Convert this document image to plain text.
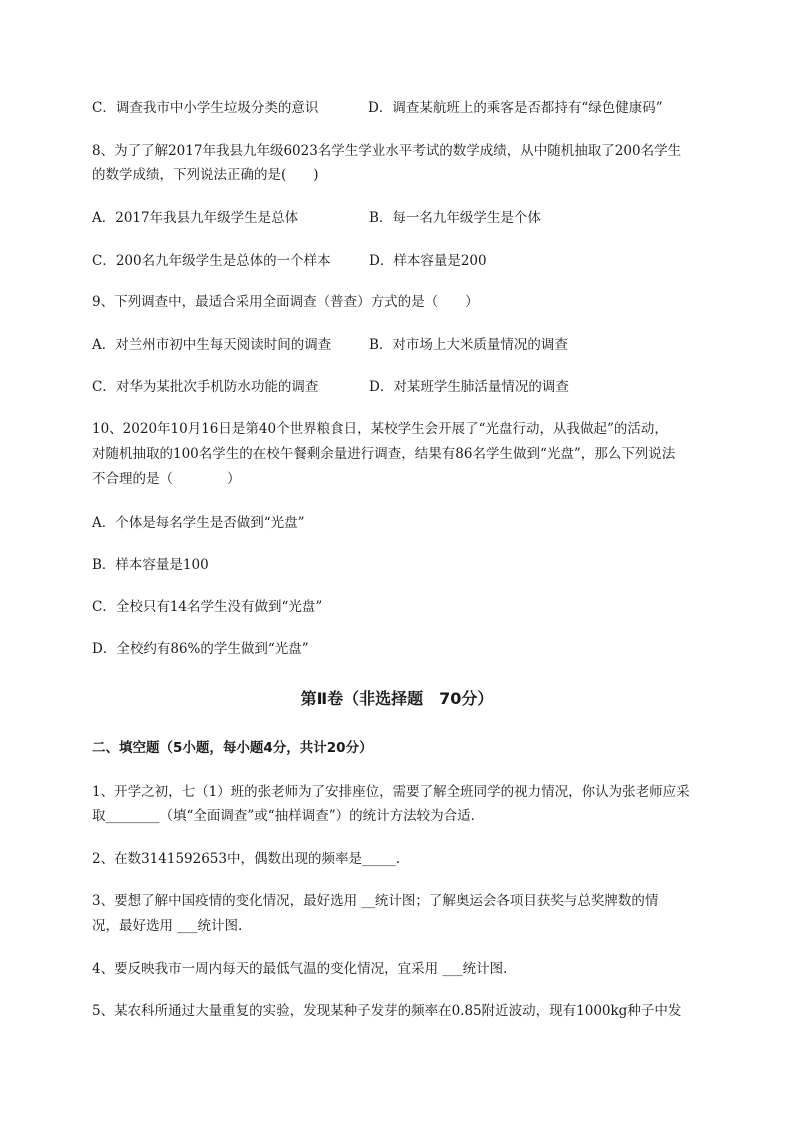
C．调查我市中小学生垃圾分类的意识	D．调查某航班上的乘客是否都持有“绿色健康码”
8、为了了解2017年我县九年级6023名学生学业水平考试的数学成绩，从中随机抽取了200名学生
的数学成绩，下列说法正确的是(　　)
A．2017年我县九年级学生是总体	B．每一名九年级学生是个体
C．200名九年级学生是总体的一个样本	D．样本容量是200
9、下列调查中，最适合采用全面调查（普查）方式的是（　　）
A．对兰州市初中生每天阅读时间的调查	B．对市场上大米质量情况的调查
C．对华为某批次手机防水功能的调查	D．对某班学生肺活量情况的调查
10、2020年10月16日是第40个世界粮食日，某校学生会开展了“光盘行动，从我做起”的活动，
对随机抽取的100名学生的在校午餐剩余量进行调查，结果有86名学生做到“光盘”，那么下列说法
不合理的是（　　　　）
A．个体是每名学生是否做到“光盘”
B．样本容量是100
C．全校只有14名学生没有做到“光盘”
D．全校约有86%的学生做到“光盘”
第Ⅱ卷（非选择题　70分）
二、填空题（5小题，每小题4分，共计20分）
1、开学之初，七（1）班的张老师为了安排座位，需要了解全班同学的视力情况，你认为张老师应采
取________（填“全面调查”或“抽样调查”）的统计方法较为合适．
2、在数3141592653中，偶数出现的频率是_____.
3、要想了解中国疫情的变化情况，最好选用 __统计图；了解奥运会各项目获奖与总奖牌数的情
况，最好选用 ___统计图.
4、要反映我市一周内每天的最低气温的变化情况，宜采用 ___统计图.
5、某农科所通过大量重复的实验，发现某种子发芽的频率在0.85附近波动，现有1000kg种子中发
